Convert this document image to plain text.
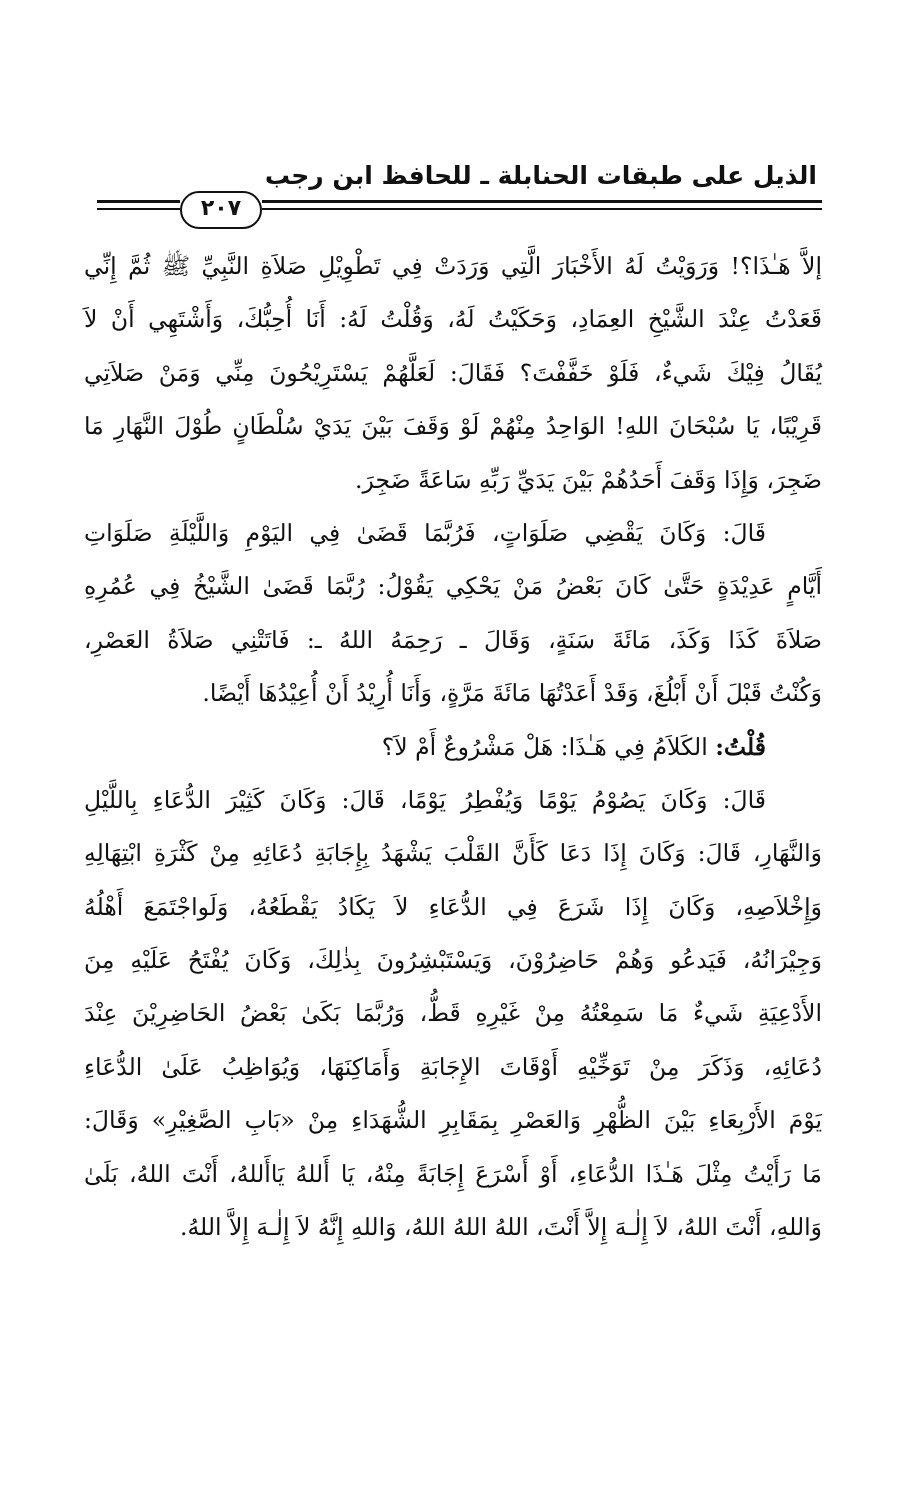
الذيل على طبقات الحنابلة ـ للحافظ ابن رجب
٢٠٧
إلاَّ هَـٰذَا؟! وَرَوَيْتُ لَهُ الأَخْبَارَ الَّتِي وَرَدَتْ فِي تَطْوِيْلِ صَلاَةِ النَّبِيِّ ﷺ ثُمَّ إِنِّي
قَعَدْتُ عِنْدَ الشَّيْخِ العِمَادِ، وَحَكَيْتُ لَهُ، وَقُلْتُ لَهُ: أَنَا أُحِبُّكَ، وَأَشْتَهِي أَنْ لاَ
يُقَالُ فِيْكَ شَيءٌ، فَلَوْ خَفَّفْتَ؟ فَقَالَ: لَعَلَّهُمْ يَسْتَرِيْحُونَ مِنِّي وَمَنْ صَلاَتِي
قَرِيْبًا، يَا سُبْحَانَ اللهِ! الوَاحِدُ مِنْهُمْ لَوْ وَقَفَ بَيْنَ يَدَيْ سُلْطَانٍ طُوْلَ النَّهَارِ مَا
ضَجِرَ، وَإِذَا وَقَفَ أَحَدُهُمْ بَيْنَ يَدَيِّ رَبِّهِ سَاعَةً ضَجِرَ.
قَالَ: وَكَانَ يَقْضِي صَلَوَاتٍ، فَرُبَّمَا قَضَىٰ فِي اليَوْمِ وَاللَّيْلَةِ صَلَوَاتِ
أَيَّامٍ عَدِيْدَةٍ حَتَّىٰ كَانَ بَعْضُ مَنْ يَحْكِي يَقُوْلُ: رُبَّمَا قَضَىٰ الشَّيْخُ فِي عُمُرِهِ
صَلاَةَ كَذَا وَكَذَ، مَائَةَ سَنَةٍ، وَقَالَ ـ رَحِمَهُ اللهُ ـ: فَاتَتْنِي صَلاَةُ العَصْرِ،
وَكُنْتُ قَبْلَ أَنْ أَبْلُغَ، وَقَدْ أَعَدْتُهَا مَائَةَ مَرَّةٍ، وَأَنَا أُرِيْدُ أَنْ أُعِيْدُهَا أَيْضًا.
قُلْتُ: الكَلاَمُ فِي هَـٰذَا: هَلْ مَشْرُوعٌ أَمْ لاَ؟
قَالَ: وَكَانَ يَصُوْمُ يَوْمًا وَيُفْطِرُ يَوْمًا، قَالَ: وَكَانَ كَثِيْرَ الدُّعَاءِ بِاللَّيْلِ
وَالنَّهَارِ، قَالَ: وَكَانَ إِذَا دَعَا كَأَنَّ القَلْبَ يَشْهَدُ بِإِجَابَةِ دُعَائِهِ مِنْ كَثْرَةِ ابْتِهَالِهِ
وَإِخْلاَصِهِ، وَكَانَ إِذَا شَرَعَ فِي الدُّعَاءِ لاَ يَكَادُ يَقْطَعُهُ، وَلَواجْتَمَعَ أَهْلُهُ
وَجِيْرَانُهُ، فَيَدعُو وَهُمْ حَاضِرُوْنَ، وَيَسْتَبْشِرُونَ بِذٰلِكَ، وَكَانَ يُفْتَحُ عَلَيْهِ مِنَ
الأَدْعِيَةِ شَيءٌ مَا سَمِعْتُهُ مِنْ غَيْرِهِ قَطُّ، وَرُبَّمَا بَكَىٰ بَعْضُ الحَاضِرِيْنَ عِنْدَ
دُعَائِهِ، وَذَكَرَ مِنْ تَوَخِّيْهِ أَوْقَاتَ الإِجَابَةِ وَأَمَاكِنَهَا، وَيُوَاظِبُ عَلَىٰ الدُّعَاءِ
يَوْمَ الأَرْبِعَاءِ بَيْنَ الظُّهْرِ وَالعَصْرِ بِمَقَابِرِ الشُّهَدَاءِ مِنْ «بَابِ الصَّغِيْرِ» وَقَالَ:
مَا رَأَيْتُ مِثْلَ هَـٰذَا الدُّعَاءِ، أَوْ أَسْرَعَ إِجَابَةً مِنْهُ، يَا أَللهُ يَاأَللهُ، أَنْتَ اللهُ، بَلَىٰ
وَاللهِ، أَنْتَ اللهُ، لاَ إِلٰـهَ إِلاَّ أَنْتَ، اللهُ اللهُ اللهُ، وَاللهِ إِنَّهُ لاَ إِلٰـهَ إِلاَّ اللهُ.
